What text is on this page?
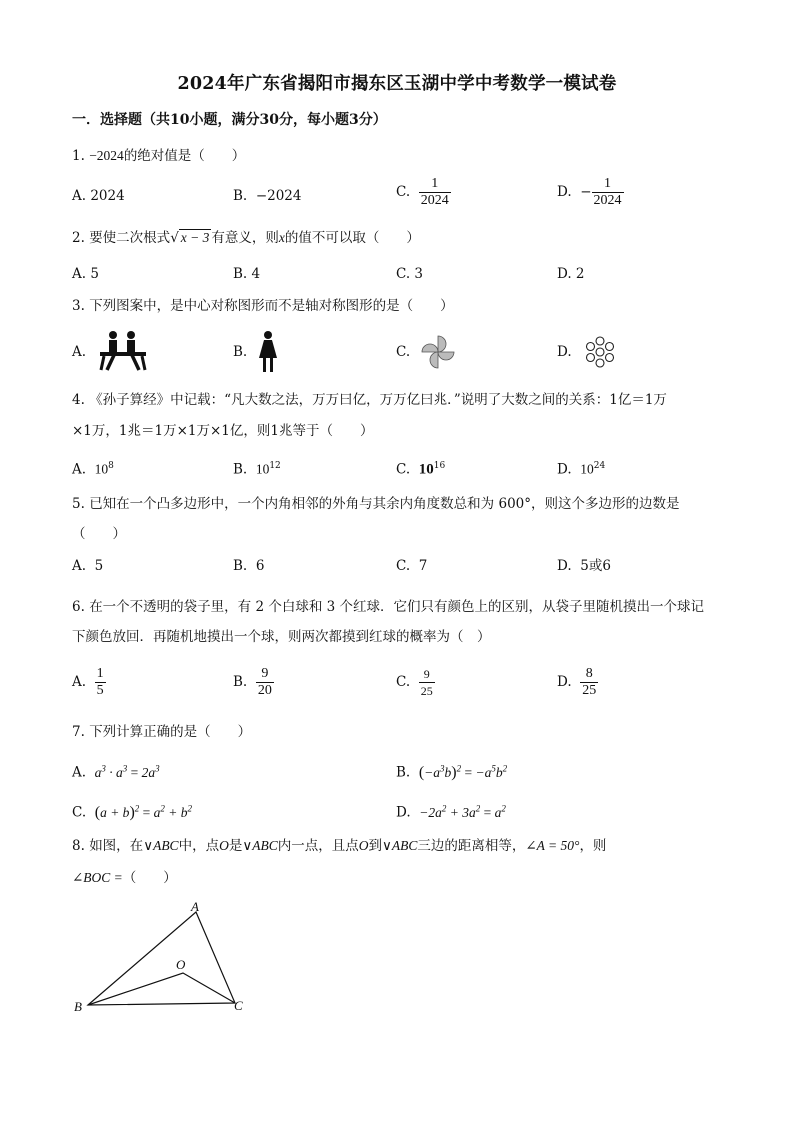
2024年广东省揭阳市揭东区玉湖中学中考数学一模试卷
一．选择题（共10小题，满分30分，每小题3分）
1. −2024的绝对值是（　　）
A. 2024	B. −2024	C. $\frac{1}{2024}$	D. − $\frac{1}{2024}$
2. 要使二次根式√ x − 3 有意义，则x的值不可以取（　　）
A. 5	B. 4	C. 3	D. 2
3. 下列图案中，是中心对称图形而不是轴对称图形的是（　　）
A.	B.	C.	D.
4. 《孙子算经》中记载：“凡大数之法，万万曰亿，万万亿曰兆．”说明了大数之间的关系：1亿＝1万
×1万，1兆＝1万×1万×1亿，则1兆等于（　　）
A. $10^8$	B. $10^{12}$	C. $10^{16}$	D. $10^{24}$
5. 已知在一个凸多边形中，一个内角相邻的外角与其余内角度数总和为 600°，则这个多边形的边数是
（　　）
A. 5	B. 6	C. 7	D. 5或6
6. 在一个不透明的袋子里，有 2 个白球和 3 个红球．它们只有颜色上的区别，从袋子里随机摸出一个球记
下颜色放回．再随机地摸出一个球，则两次都摸到红球的概率为（　）
A. $\frac{1}{5}$	B. $\frac{9}{20}$	C. $\frac{9}{25}$	D. $\frac{8}{25}$
7. 下列计算正确的是（　　）
A. $a^3 \cdot a^3 = 2a^3$	B. $(-a^3b)^2 = -a^5b^2$
C. $(a + b)^2 = a^2 + b^2$	D. $-2a^2 + 3a^2 = a^2$
8. 如图，在∨ABC中，点O是∨ABC内一点，且点O到∨ABC三边的距离相等，∠A = 50°，则
∠BOC =（　　）
A
B	C
O
